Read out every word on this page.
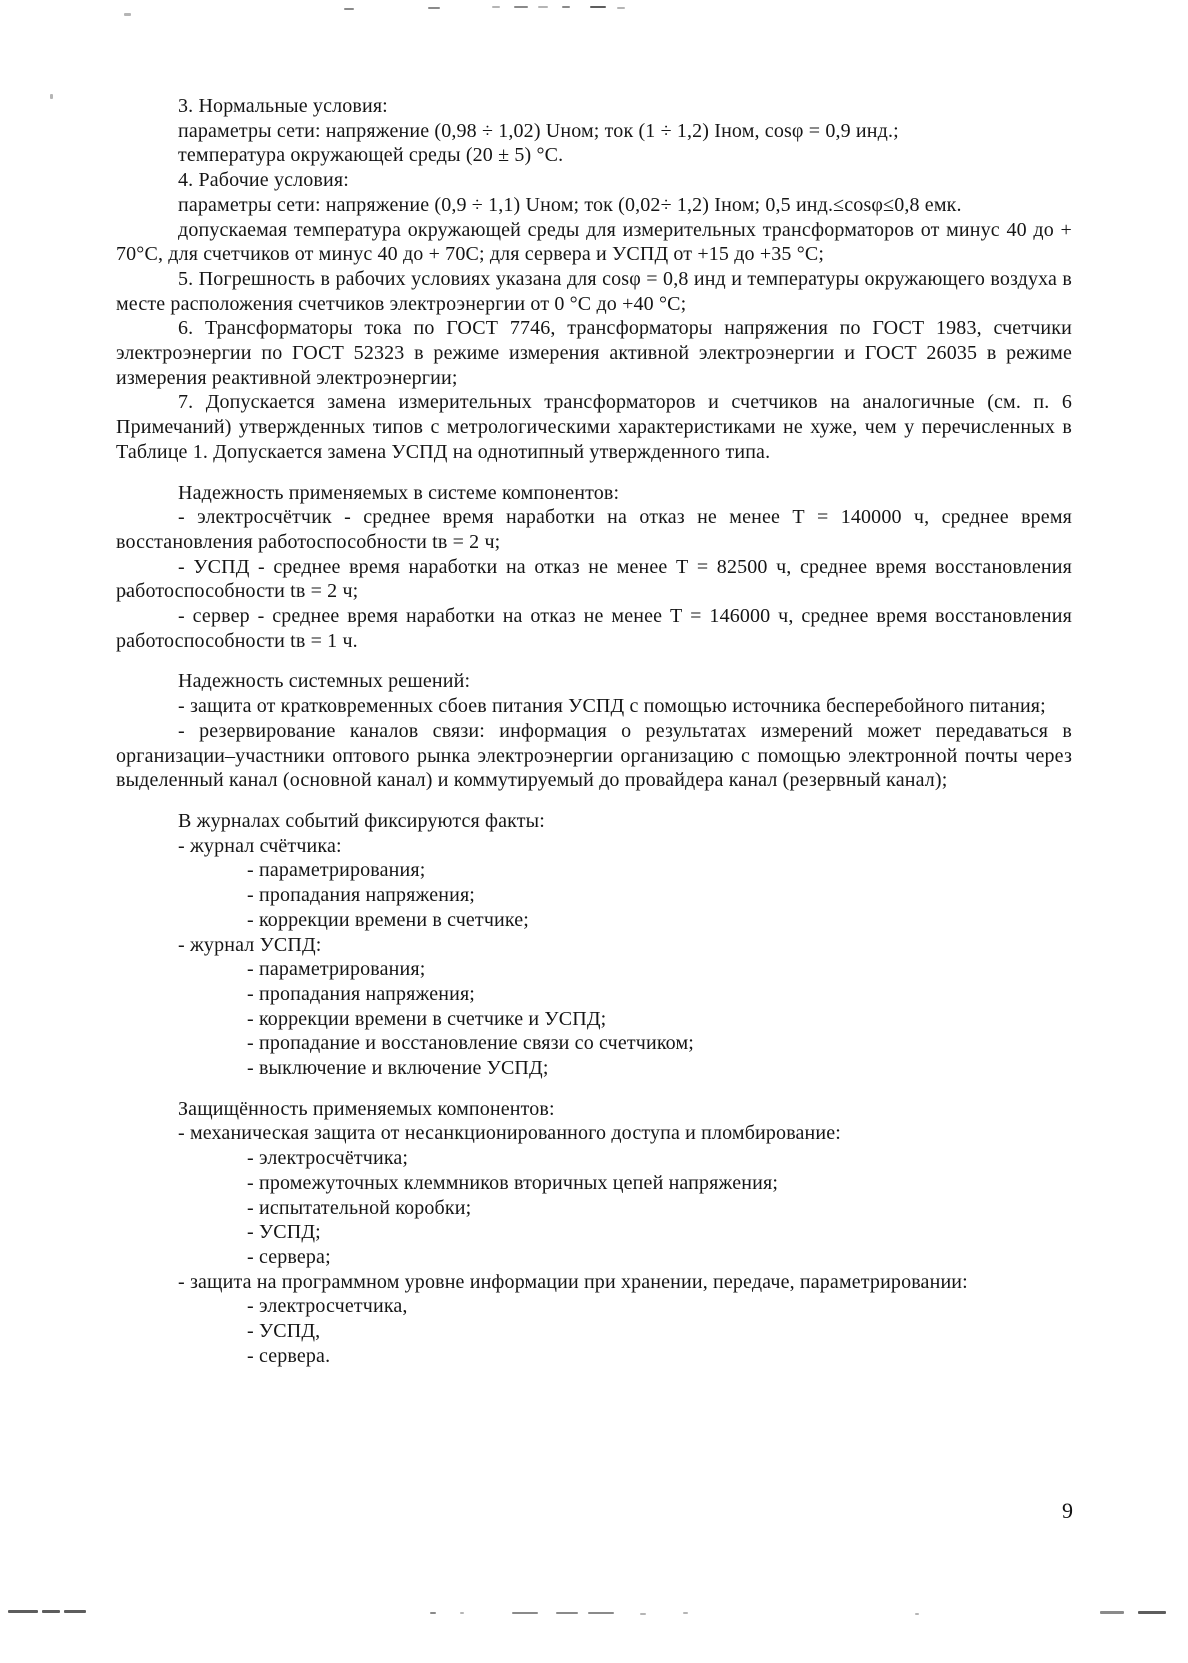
3. Нормальные условия:

параметры сети: напряжение (0,98 ÷ 1,02) Uном; ток (1 ÷ 1,2) Iном, cosφ = 0,9 инд.;

температура окружающей среды (20 ± 5) °С.

4. Рабочие условия:

параметры сети: напряжение (0,9 ÷ 1,1) Uном; ток (0,02÷ 1,2) Iном; 0,5 инд.≤cosφ≤0,8 емк.

допускаемая температура окружающей среды для измерительных трансформаторов от минус 40 до + 70°С, для счетчиков от минус 40 до + 70С; для сервера и УСПД от +15 до +35 °С;

5. Погрешность в рабочих условиях указана для cosφ = 0,8 инд и температуры окружающего воздуха в месте расположения счетчиков электроэнергии от 0 °С до +40 °С;

6. Трансформаторы тока по ГОСТ 7746, трансформаторы напряжения по ГОСТ 1983, счетчики электроэнергии по ГОСТ 52323 в режиме измерения активной электроэнергии и ГОСТ 26035 в режиме измерения реактивной электроэнергии;

7. Допускается замена измерительных трансформаторов и счетчиков на аналогичные (см. п. 6 Примечаний) утвержденных типов с метрологическими характеристиками не хуже, чем у перечисленных в Таблице 1. Допускается замена УСПД на однотипный утвержденного типа.

Надежность применяемых в системе компонентов:

- электросчётчик - среднее время наработки на отказ не менее Т = 140000 ч, среднее время восстановления работоспособности tв = 2 ч;

- УСПД - среднее время наработки на отказ не менее Т = 82500 ч, среднее время восстановления работоспособности tв = 2 ч;

- сервер - среднее время наработки на отказ не менее Т = 146000 ч, среднее время восстановления работоспособности tв = 1 ч.

Надежность системных решений:

- защита от кратковременных сбоев питания УСПД с помощью источника бесперебойного питания;

- резервирование каналов связи: информация о результатах измерений может передаваться в организации–участники оптового рынка электроэнергии организацию с помощью электронной почты через выделенный канал (основной канал) и коммутируемый до провайдера канал (резервный канал);

В журналах событий фиксируются факты:

- журнал счётчика:

- параметрирования;

- пропадания напряжения;

- коррекции времени в счетчике;

- журнал УСПД:

- параметрирования;

- пропадания напряжения;

- коррекции времени в счетчике и УСПД;

- пропадание и восстановление связи со счетчиком;

- выключение и включение УСПД;

Защищённость применяемых компонентов:

- механическая защита от несанкционированного доступа и пломбирование:

- электросчётчика;

- промежуточных клеммников вторичных цепей напряжения;

- испытательной коробки;

- УСПД;

- сервера;

- защита на программном уровне информации при хранении, передаче, параметрировании:

- электросчетчика,

- УСПД,

- сервера.

9
